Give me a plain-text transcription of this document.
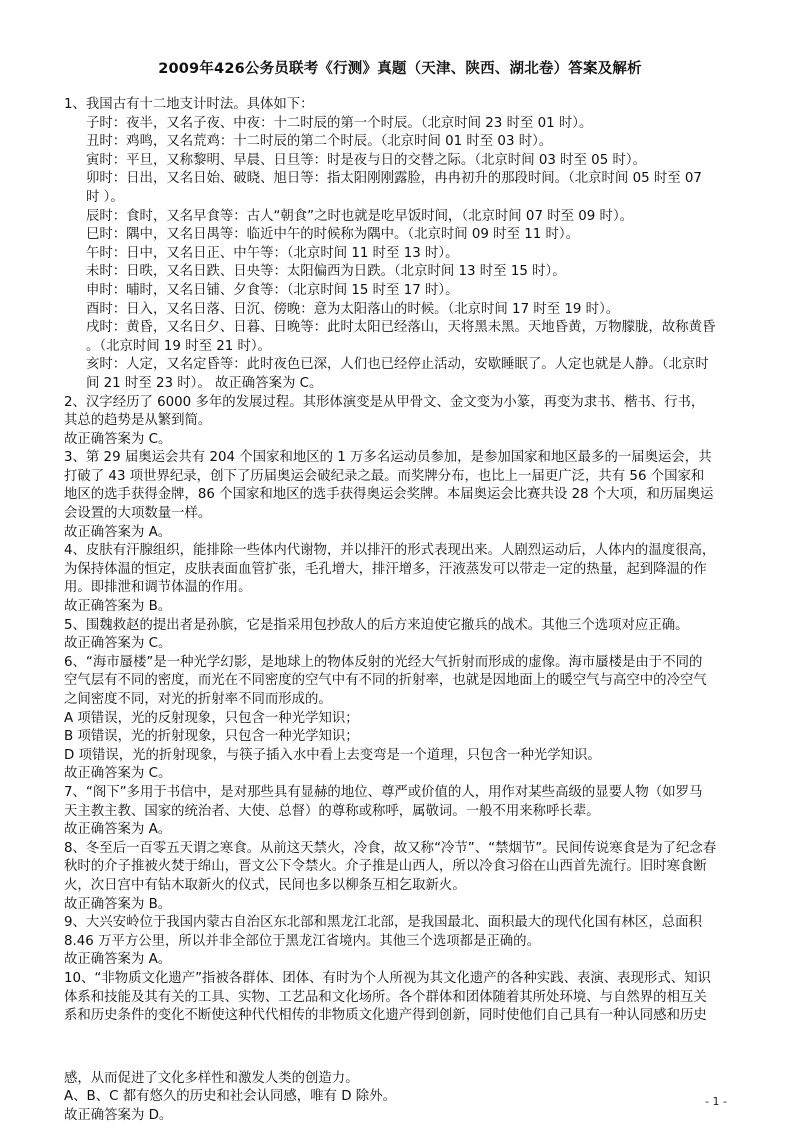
2009年426公务员联考《行测》真题（天津、陕西、湖北卷）答案及解析
1、我国古有十二地支计时法。具体如下：
子时：夜半，又名子夜、中夜：十二时辰的第一个时辰。（北京时间 23 时至 01 时）。
丑时：鸡鸣，又名荒鸡：十二时辰的第二个时辰。（北京时间 01 时至 03 时）。
寅时：平旦，又称黎明、早晨、日旦等：时是夜与日的交替之际。（北京时间 03 时至 05 时）。
卯时：日出，又名日始、破晓、旭日等：指太阳刚刚露脸，冉冉初升的那段时间。（北京时间 05 时至 07
时 ）。
辰时：食时，又名早食等：古人“朝食”之时也就是吃早饭时间，（北京时间 07 时至 09 时）。
巳时：隅中，又名日禺等：临近中午的时候称为隅中。（北京时间 09 时至 11 时）。
午时：日中，又名日正、中午等：（北京时间 11 时至 13 时）。
未时：日昳，又名日跌、日央等：太阳偏西为日跌。（北京时间 13 时至 15 时）。
申时：晡时，又名日铺、夕食等：（北京时间 15 时至 17 时）。
酉时：日入，又名日落、日沉、傍晚：意为太阳落山的时候。（北京时间 17 时至 19 时）。
戌时：黄昏，又名日夕、日暮、日晚等：此时太阳已经落山，天将黑未黑。天地昏黄，万物朦胧，故称黄昏
。（北京时间 19 时至 21 时）。
亥时：人定，又名定昏等：此时夜色已深，人们也已经停止活动，安歇睡眠了。人定也就是人静。（北京时
间 21 时至 23 时）。 故正确答案为 C。
2、汉字经历了 6000 多年的发展过程。其形体演变是从甲骨文、金文变为小篆，再变为隶书、楷书、行书，
其总的趋势是从繁到简。
故正确答案为 C。
3、第 29 届奥运会共有 204 个国家和地区的 1 万多名运动员参加，是参加国家和地区最多的一届奥运会，共
打破了 43 项世界纪录，创下了历届奥运会破纪录之最。而奖牌分布，也比上一届更广泛，共有 56 个国家和
地区的选手获得金牌，86 个国家和地区的选手获得奥运会奖牌。本届奥运会比赛共设 28 个大项，和历届奥运
会设置的大项数量一样。
故正确答案为 A。
4、皮肤有汗腺组织，能排除一些体内代谢物，并以排汗的形式表现出来。人剧烈运动后，人体内的温度很高，
为保持体温的恒定，皮肤表面血管扩张，毛孔增大，排汗增多，汗液蒸发可以带走一定的热量，起到降温的作
用。即排泄和调节体温的作用。
故正确答案为 B。
5、围魏救赵的提出者是孙膑，它是指采用包抄敌人的后方来迫使它撤兵的战术。其他三个选项对应正确。
故正确答案为 C。
6、“海市蜃楼”是一种光学幻影，是地球上的物体反射的光经大气折射而形成的虚像。海市蜃楼是由于不同的
空气层有不同的密度，而光在不同密度的空气中有不同的折射率，也就是因地面上的暖空气与高空中的冷空气
之间密度不同，对光的折射率不同而形成的。
A 项错误，光的反射现象，只包含一种光学知识；
B 项错误，光的折射现象，只包含一种光学知识；
D 项错误，光的折射现象，与筷子插入水中看上去变弯是一个道理，只包含一种光学知识。
故正确答案为 C。
7、“阁下”多用于书信中，是对那些具有显赫的地位、尊严或价值的人，用作对某些高级的显要人物（如罗马
天主教主教、国家的统治者、大使、总督）的尊称或称呼，属敬词。一般不用来称呼长辈。
故正确答案为 A。
8、冬至后一百零五天谓之寒食。从前这天禁火，冷食，故又称“冷节”、“禁烟节”。民间传说寒食是为了纪念春
秋时的介子推被火焚于绵山，晋文公下令禁火。介子推是山西人，所以冷食习俗在山西首先流行。旧时寒食断
火，次日宫中有钻木取新火的仪式，民间也多以柳条互相乞取新火。
故正确答案为 B。
9、大兴安岭位于我国内蒙古自治区东北部和黑龙江北部，是我国最北、面积最大的现代化国有林区，总面积
8.46 万平方公里，所以并非全部位于黑龙江省境内。其他三个选项都是正确的。
故正确答案为 A。
10、“非物质文化遗产”指被各群体、团体、有时为个人所视为其文化遗产的各种实践、表演、表现形式、知识
体系和技能及其有关的工具、实物、工艺品和文化场所。各个群体和团体随着其所处环境、与自然界的相互关
系和历史条件的变化不断使这种代代相传的非物质文化遗产得到创新，同时使他们自己具有一种认同感和历史
感，从而促进了文化多样性和激发人类的创造力。
A、B、C 都有悠久的历史和社会认同感，唯有 D 除外。
故正确答案为 D。
- 1 -
